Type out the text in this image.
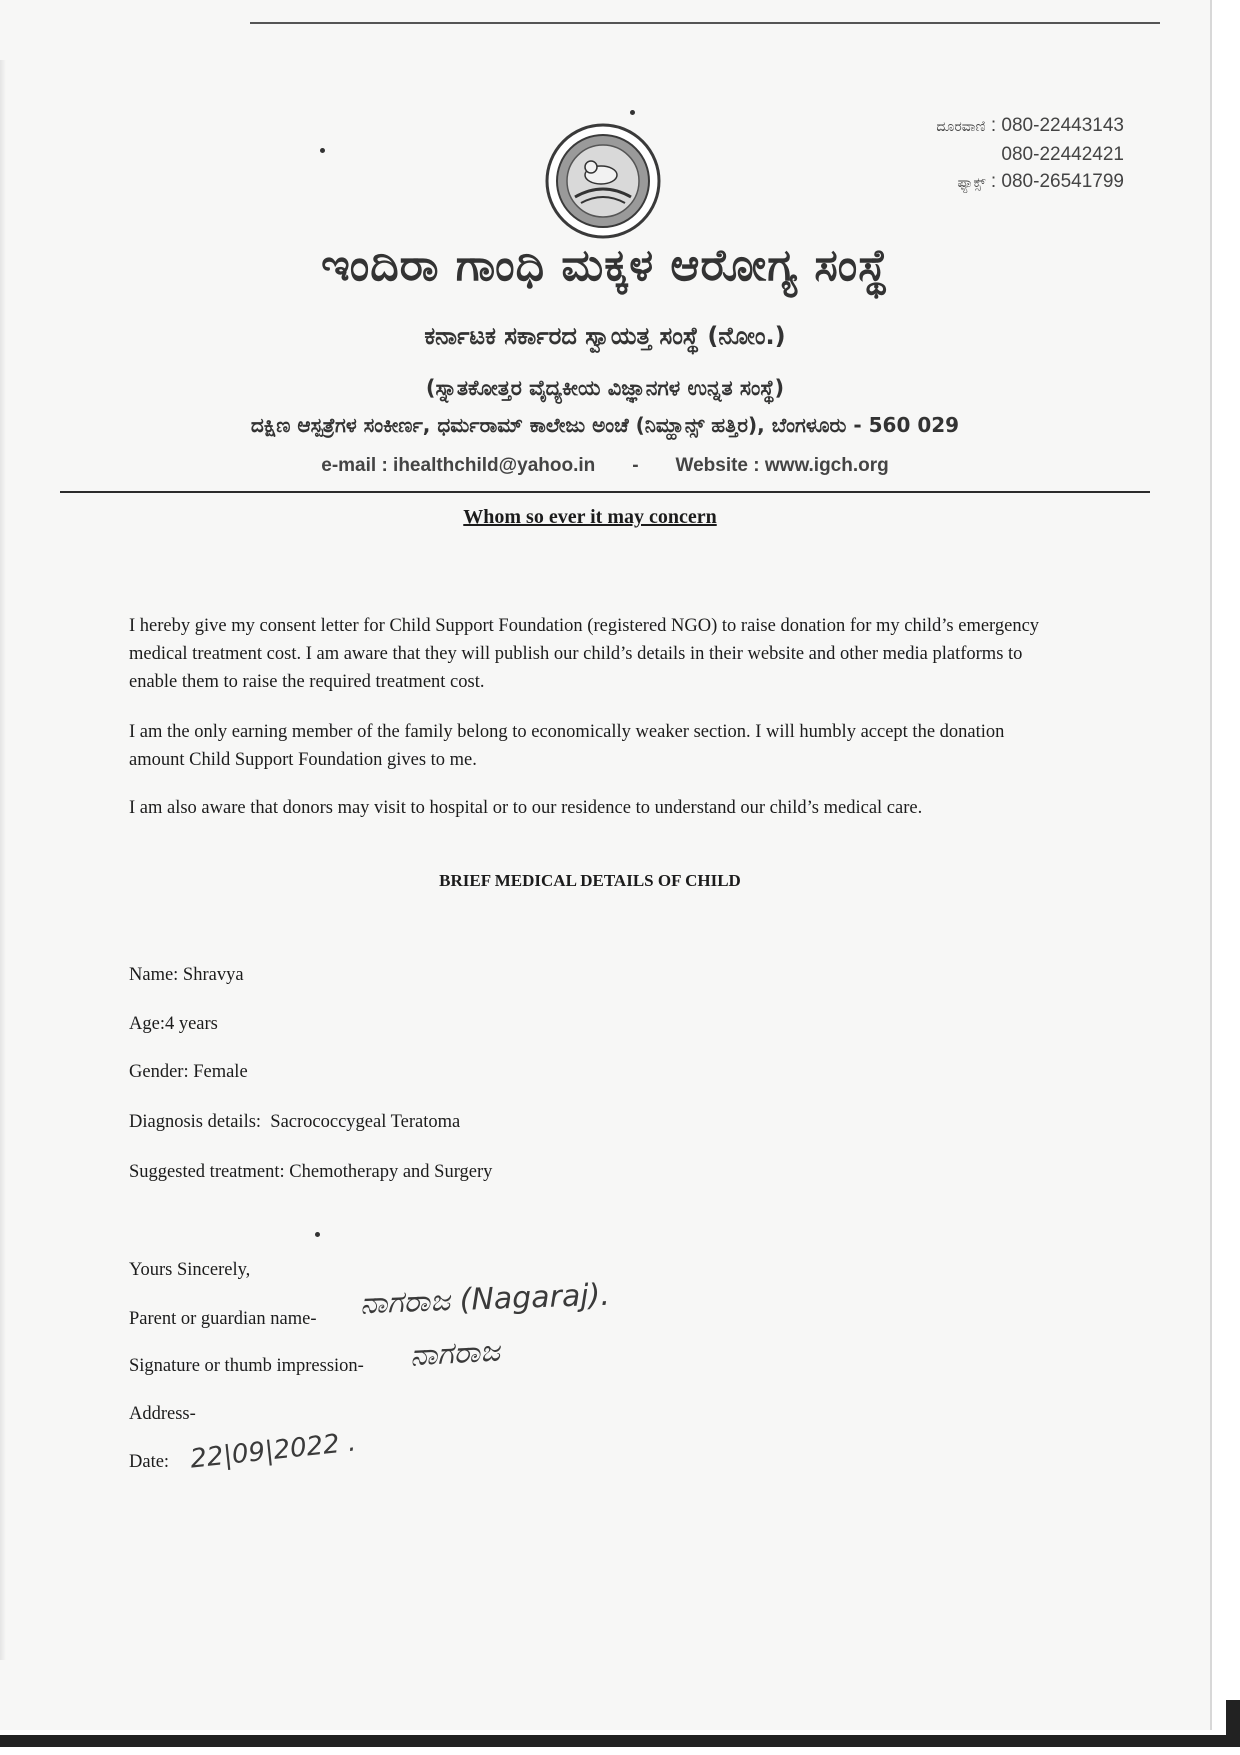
ದೂರವಾಣಿ : 080-22443143
080-22442421
ಫ್ಯಾಕ್ಸ್ : 080-26541799
ಇಂದಿರಾ ಗಾಂಧಿ ಮಕ್ಕಳ ಆರೋಗ್ಯ ಸಂಸ್ಥೆ
ಕರ್ನಾಟಕ ಸರ್ಕಾರದ ಸ್ವಾಯತ್ತ ಸಂಸ್ಥೆ (ನೋಂ.)
(ಸ್ನಾತಕೋತ್ತರ ವೈದ್ಯಕೀಯ ವಿಜ್ಞಾನಗಳ ಉನ್ನತ ಸಂಸ್ಥೆ)
ದಕ್ಷಿಣ ಆಸ್ಪತ್ರೆಗಳ ಸಂಕೀರ್ಣ, ಧರ್ಮರಾಮ್ ಕಾಲೇಜು ಅಂಚೆ (ನಿಮ್ಹಾನ್ಸ್ ಹತ್ತಿರ), ಬೆಂಗಳೂರು - 560 029
e-mail : ihealthchild@yahoo.in - Website : www.igch.org
Whom so ever it may concern

I hereby give my consent letter for Child Support Foundation (registered NGO) to raise donation for my child’s emergency medical treatment cost. I am aware that they will publish our child’s details in their website and other media platforms to enable them to raise the required treatment cost.

I am the only earning member of the family belong to economically weaker section. I will humbly accept the donation amount Child Support Foundation gives to me.

I am also aware that donors may visit to hospital or to our residence to understand our child’s medical care.

BRIEF MEDICAL DETAILS OF CHILD
Name: Shravya
Age:4 years
Gender: Female
Diagnosis details:  Sacrococcygeal Teratoma
Suggested treatment: Chemotherapy and Surgery
Yours Sincerely,
Parent or guardian name-
Signature or thumb impression-
Address-
Date:
ನಾಗರಾಜ (Nagaraj).
ನಾಗರಾಜ
22|09|2022 .
